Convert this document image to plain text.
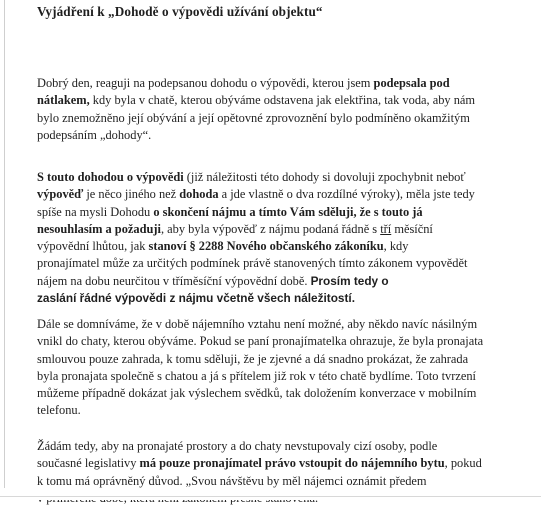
Vyjádření k „Dohodě o výpovědi užívání objektu“

Dobrý den, reaguji na podepsanou dohodu o výpovědi, kterou jsem podepsala pod
nátlakem, kdy byla v chatě, kterou obýváme odstavena jak elektřina, tak voda, aby nám
bylo znemožněno její obývání a její opětovné zprovoznění bylo podmíněno okamžitým
podepsáním „dohody“.

S touto dohodou o výpovědi (již náležitosti této dohody si dovoluji zpochybnit neboť
výpověď je něco jiného než dohoda a jde vlastně o dva rozdílné výroky), měla jste tedy
spíše na mysli Dohodu o skončení nájmu a tímto Vám sděluji, že s touto já
nesouhlasím a požaduji, aby byla výpověď z nájmu podaná řádně s tří měsíční
výpovědní lhůtou, jak stanoví § 2288 Nového občanského zákoníku, kdy
pronajímatel může za určitých podmínek právě stanovených tímto zákonem vypovědět
nájem na dobu neurčitou v tříměsíční výpovědní době. Prosím tedy o
zaslání řádné výpovědi z nájmu včetně všech náležitostí.

Dále se domníváme, že v době nájemního vztahu není možné, aby někdo navíc násilným
vnikl do chaty, kterou obýváme. Pokud se paní pronajímatelka ohrazuje, že byla pronajata
smlouvou pouze zahrada, k tomu sděluji, že je zjevné a dá snadno prokázat, že zahrada
byla pronajata společně s chatou a já s přítelem již rok v této chatě bydlíme. Toto tvrzení
můžeme případně dokázat jak výslechem svědků, tak doložením konverzace v mobilním
telefonu.

Žádám tedy, aby na pronajaté prostory a do chaty nevstupovaly cizí osoby, podle
současné legislativy má pouze pronajímatel právo vstoupit do nájemního bytu, pokud
k tomu má oprávněný důvod. „Svou návštěvu by měl nájemci oznámit předem
